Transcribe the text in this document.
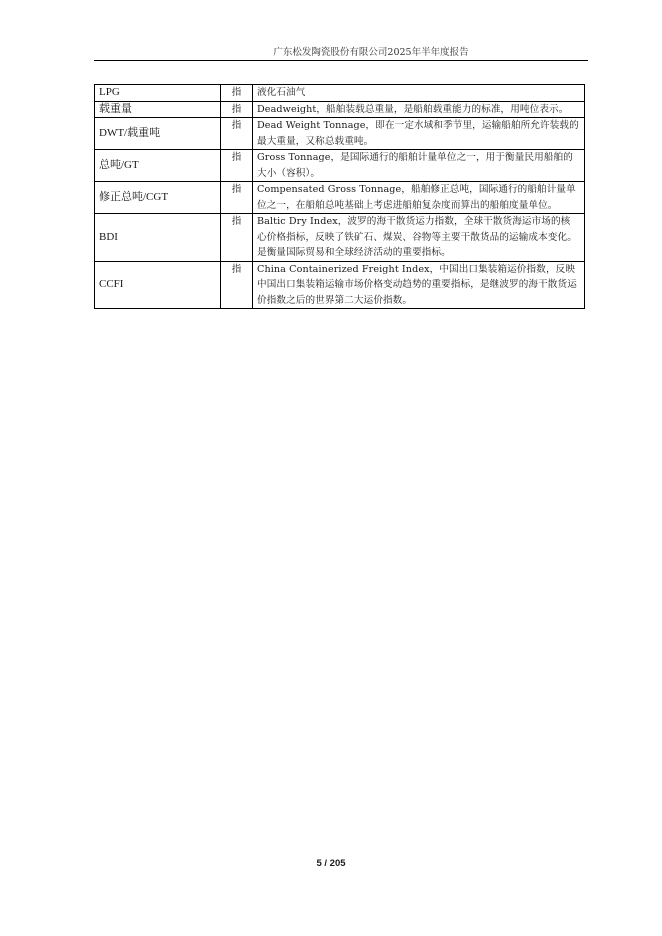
广东松发陶瓷股份有限公司2025年半年度报告
LPG	指	液化石油气
载重量	指	Deadweight，船舶装载总重量，是船舶载重能力的标准，用吨位表示。
DWT/载重吨	指	Dead Weight Tonnage，即在一定水域和季节里，运输船舶所允许装载的最大重量，又称总载重吨。
总吨/GT	指	Gross Tonnage，是国际通行的船舶计量单位之一，用于衡量民用船舶的大小（容积）。
修正总吨/CGT	指	Compensated Gross Tonnage，船舶修正总吨，国际通行的船舶计量单位之一，在船舶总吨基础上考虑进船舶复杂度而算出的船舶度量单位。
BDI	指	Baltic Dry Index，波罗的海干散货运力指数，全球干散货海运市场的核心价格指标，反映了铁矿石、煤炭、谷物等主要干散货品的运输成本变化。是衡量国际贸易和全球经济活动的重要指标。
CCFI	指	China Containerized Freight Index，中国出口集装箱运价指数，反映中国出口集装箱运输市场价格变动趋势的重要指标，是继波罗的海干散货运价指数之后的世界第二大运价指数。
5 / 205
